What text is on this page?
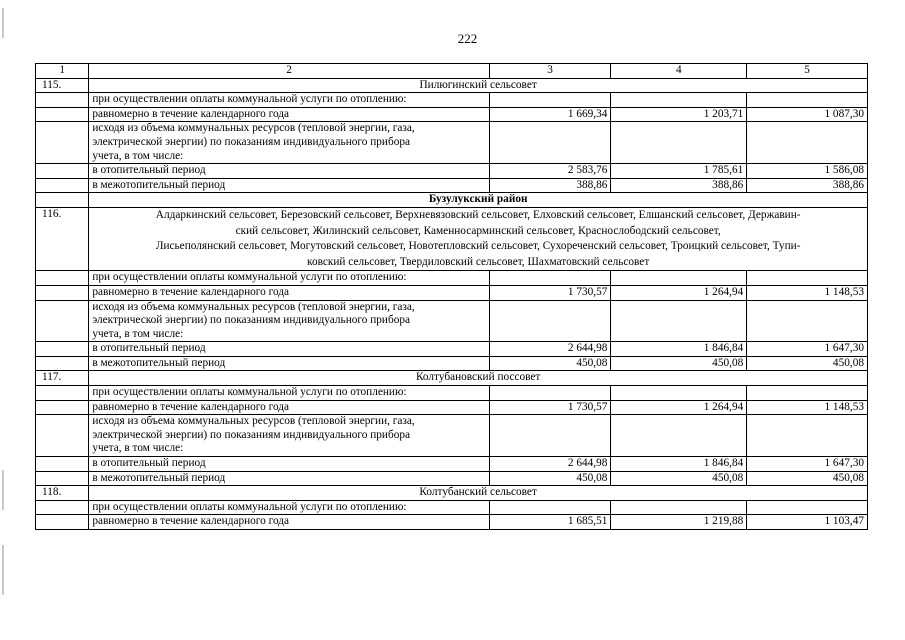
222
1	2	3	4	5
115.	Пилюгинский сельсовет			
	при осуществлении оплаты коммунальной услуги по отоплению:			
	равномерно в течение календарного года	1 669,34	1 203,71	1 087,30

	исходя из объема коммунальных ресурсов (тепловой энергии, газа,
электрической энергии) по показаниям индивидуального прибора
учета, в том числе:			

	в отопительный период	2 583,76	1 785,61	1 586,08
	в межотопительный период	388,86	388,86	388,86
	Бузулукский район			
116.	Алдаркинский сельсовет, Березовский сельсовет, Верхневязовский сельсовет, Елховский сельсовет, Елшанский сельсовет, Державин-
ский сельсовет, Жилинский сельсовет, Каменносарминский сельсовет, Краснослободский сельсовет,
Лисьеполянский сельсовет, Могутовский сельсовет, Новотепловский сельсовет, Сухореченский сельсовет, Троицкий сельсовет, Тупи-
ковский сельсовет, Твердиловский сельсовет, Шахматовский сельсовет			

	при осуществлении оплаты коммунальной услуги по отоплению:			
	равномерно в течение календарного года	1 730,57	1 264,94	1 148,53

	исходя из объема коммунальных ресурсов (тепловой энергии, газа,
электрической энергии) по показаниям индивидуального прибора
учета, в том числе:			

	в отопительный период	2 644,98	1 846,84	1 647,30
	в межотопительный период	450,08	450,08	450,08
117.	Колтубановский поссовет			
	при осуществлении оплаты коммунальной услуги по отоплению:			
	равномерно в течение календарного года	1 730,57	1 264,94	1 148,53

	исходя из объема коммунальных ресурсов (тепловой энергии, газа,
электрической энергии) по показаниям индивидуального прибора
учета, в том числе:			

	в отопительный период	2 644,98	1 846,84	1 647,30
	в межотопительный период	450,08	450,08	450,08
118.	Колтубанский сельсовет			
	при осуществлении оплаты коммунальной услуги по отоплению:			
	равномерно в течение календарного года	1 685,51	1 219,88	1 103,47
